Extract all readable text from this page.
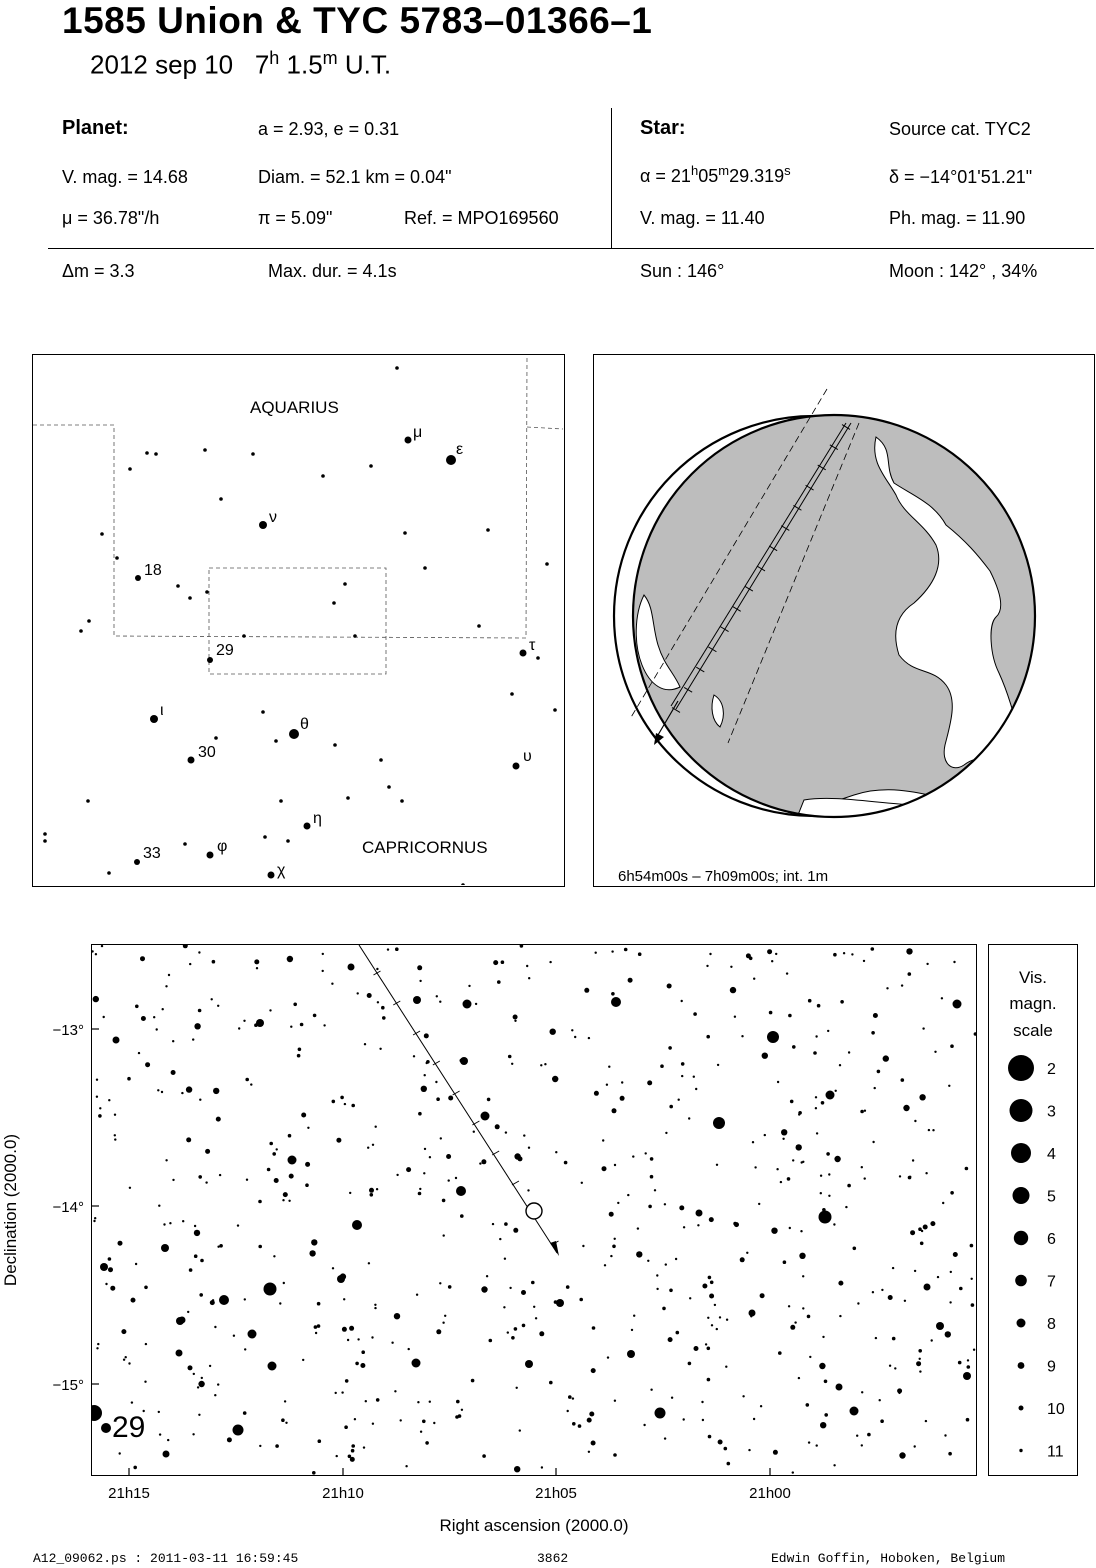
1585 Union & TYC 5783–01366–1
2012 sep 10 7$^h$ 1.5$^m$ U.T.
Planet:	a = 2.93, e = 0.31
V. mag. = 14.68	Diam. = 52.1 km = 0.04"
μ = 36.78"/h	π = 5.09"	Ref. = MPO169560
Star:	Source cat. TYC2
$\alpha = 21^h05^m29.319^s$	δ = −14°01'51.21"
V. mag. = 11.40	Ph. mag. = 11.90
Δm = 3.3	Max. dur. = 4.1s	Sun : 146°	Moon : 142° , 34%
AQUARIUS
CAPRICORNUS
μ
ε
ν
18
29	τ
ι
θ
30	υ
η
33	φ
χ	6h54m00s – 7h09m00s; int. 1m
29
−13°
−14°
−15°
21h15	21h10	21h05	21h00
Right ascension (2000.0)
Declination (2000.0)
Vis.
magn.
scale
2
3
4
5
6
7
8
9
10
11
A12_09062.ps : 2011-03-11 16:59:45	3862	Edwin Goffin, Hoboken, Belgium
